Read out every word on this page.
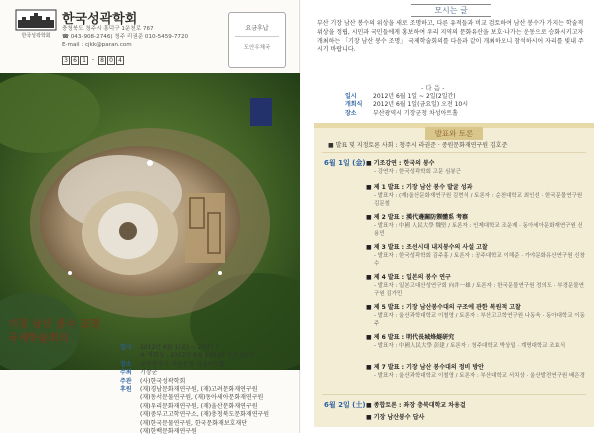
한국성곽학회
한국성곽학회
충청북도 청주시 흥덕구 1운천로 767
☎ 043-908-2746) 청주 리권준 010-5459-7720
E-mail : cjkk@paran.com
3 6 1	-	8 0 4
요금후납
도안우체국
기장 남산 봉수 조명
국제학술회의
일시	2012년 6월 1(金) ~ 2일(土)
※ 개회식 : 2012년 6월 1일(금) 오전 10시
장소	부산광역시 기장군청 차성아트홀
주최	기장군
주관	(사)한국성곽학회
후원	(재)경남문화재연구원, (재)고려문화재연구원
(재)동서문물연구원, (재)동아세아문화재연구원
(재)우리문화재연구원, (재)울산문화재연구원
(재)중부고고학연구소, (재)충청북도문화재연구원
(재)한국문물연구원, 한국문화재보호재단
(재)한백문화재연구원
모시는 글
부산 기장 남산 봉수의 위상을 새로 조명하고, 다른 유적들과 비교 검토하여 남산 봉수가 가지는 학술적 위상을 정립, 시민과 국민들에게 홍보하여 우리 지역의 문화유산을 보호·나가는 운동으로 승화시키고자 개최하는 「기장 남산 봉수 조명」 국제학술회의를 다음과 같이 개최하오니 참석하시어 자리를 빛내 주시기 바랍니다.
- 다 음 -
일시	2012년 6월 1일 ~ 2일(2일간)
개회식	2012년 6월 1일(금요일) 오전 10시
장소	부산광역시 기장군청 차성아트홀
발표와 토론
■ 발표 및 지정토론 사회 : 청주시 라권준 · 중원문화재연구원 김호준
6월 1일 (金) ■ 기조강연 : 한국의 봉수
- 강연자 : 한국성곽학회 고문 심봉근
■ 제 1 발표 : 기장 남산 봉수 발굴 성과
- 발표자 : (재)울산문화재연구원 김현식 / 토론자 : 순천대학교 최인선 · 한국문물연구원 김문철
■ 제 2 발표 : 漢代邊關防禦體系 考察
- 발표자 : 中國 人民大學 魏堅 / 토론자 : 인제대학교 조운제 · 동아세아문화재연구원 신용민
■ 제 3 발표 : 조선시대 내지봉수의 사설 고찰
- 발표자 : 한국성곽학회 김주홍 / 토론자 : 공주대학교 이해준 · 가야문화유산연구원 신창수
■ 제 4 발표 : 일본의 봉수 연구
- 발표자 : 일본고대산성연구회 向井一雄 / 토론자 : 한국문물연구원 정의도 · 부경문물연구원 김가민
■ 제 5 발표 : 기장 남산봉수대의 구조에 관한 복원적 고찰
- 발표자 : 울산과학대학교 이철영 / 토론자 : 부산고고학연구원 나동욱 · 동아대학교 이동주
■ 제 6 발표 : 明代長城烽燧研究
- 발표자 : 中國人民大學 彭建 / 토론자 : 청주대학교 박상일 · 계명대학교 조효식
■ 제 7 발표 : 기장 남산 봉수대의 정비 방안
- 발표자 : 울산과학대학교 이철영 / 토론자 : 부산대학교 서치상 · 울산발전연구원 배은경
6월 2일 (土) ■ 종합토론 : 좌장 충북대학교 차용걸
■ 기장 남산봉수 답사
